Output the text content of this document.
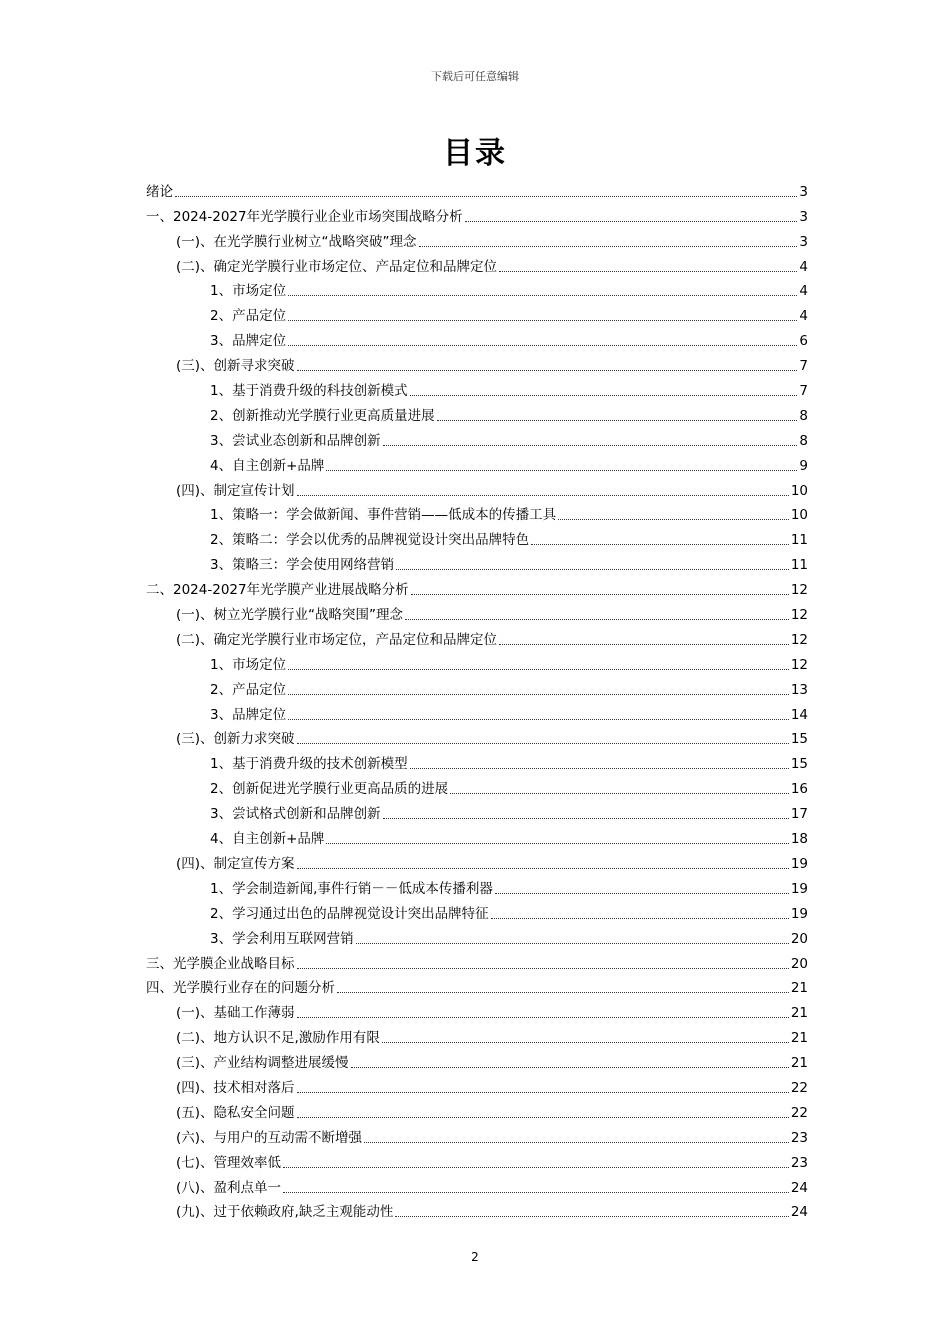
下载后可任意编辑
目录
绪论	3
一、2024-2027年光学膜行业企业市场突围战略分析	3
(一)、在光学膜行业树立“战略突破”理念	3
(二)、确定光学膜行业市场定位、产品定位和品牌定位	4
1、市场定位	4
2、产品定位	4
3、品牌定位	6
(三)、创新寻求突破	7
1、基于消费升级的科技创新模式	7
2、创新推动光学膜行业更高质量进展	8
3、尝试业态创新和品牌创新	8
4、自主创新+品牌	9
(四)、制定宣传计划	10
1、策略一：学会做新闻、事件营销——低成本的传播工具	10
2、策略二：学会以优秀的品牌视觉设计突出品牌特色	11
3、策略三：学会使用网络营销	11
二、2024-2027年光学膜产业进展战略分析	12
(一)、树立光学膜行业“战略突围”理念	12
(二)、确定光学膜行业市场定位，产品定位和品牌定位	12
1、市场定位	12
2、产品定位	13
3、品牌定位	14
(三)、创新力求突破	15
1、基于消费升级的技术创新模型	15
2、创新促进光学膜行业更高品质的进展	16
3、尝试格式创新和品牌创新	17
4、自主创新+品牌	18
(四)、制定宣传方案	19
1、学会制造新闻,事件行销－－低成本传播利器	19
2、学习通过出色的品牌视觉设计突出品牌特征	19
3、学会利用互联网营销	20
三、光学膜企业战略目标	20
四、光学膜行业存在的问题分析	21
(一)、基础工作薄弱	21
(二)、地方认识不足,激励作用有限	21
(三)、产业结构调整进展缓慢	21
(四)、技术相对落后	22
(五)、隐私安全问题	22
(六)、与用户的互动需不断增强	23
(七)、管理效率低	23
(八)、盈利点单一	24
(九)、过于依赖政府,缺乏主观能动性	24
2
